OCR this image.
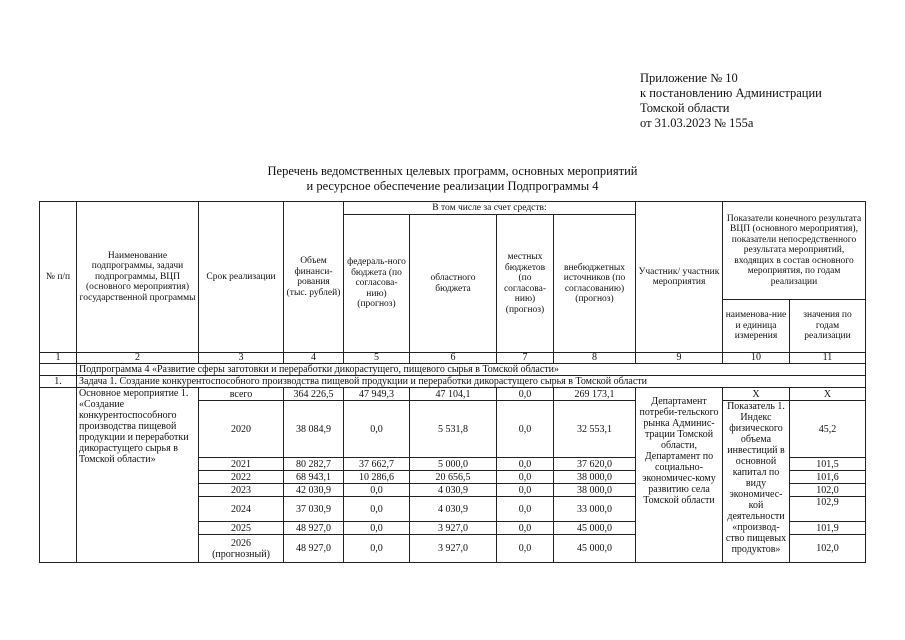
Приложение № 10
к постановлению Администрации
Томской области
от 31.03.2023 № 155а
Перечень ведомственных целевых программ, основных мероприятий
и ресурсное обеспечение реализации Подпрограммы 4
№ п/п	Наименование подпрограммы, задачи подпрограммы, ВЦП (основного мероприятия) государственной программы	Срок реализации	Объем финанси-рования (тыс. рублей)	В том числе за счет средств:				Участник/ участник мероприятия	Показатели конечного результата ВЦП (основного мероприятия), показатели непосредственного результата мероприятий, входящих в состав основного мероприятия, по годам реализации	
				федераль-ного бюджета (по согласова-нию) (прогноз)	областного бюджета	местных бюджетов (по согласова-нию) (прогноз)	внебюджетных источников (по согласованию) (прогноз)			
									наименова-ние и единица измерения	значения по годам реализации
1	2	3	4	5	6	7	8	9	10	11
	Подпрограмма 4 «Развитие сферы заготовки и переработки дикорастущего, пищевого сырья в Томской области»									
1.	Задача 1. Создание конкурентоспособного производства пищевой продукции и переработки дикорастущего сырья в Томской области									
	Основное мероприятие 1. «Создание конкурентоспособного производства пищевой продукции и переработки дикорастущего сырья в Томской области»	всего	364 226,5	47 949,3	47 104,1	0,0	269 173,1	Департамент потреби-тельского рынка Админис-трации Томской области, Департамент по социально-экономичес-кому развитию села Томской области	X	X
		2020	38 084,9	0,0	5 531,8	0,0	32 553,1		Показатель 1. Индекс физического объема инвестиций в основной капитал по виду экономичес-кой деятельности «производ-ство пищевых продуктов»	45,2
		2021	80 282,7	37 662,7	5 000,0	0,0	37 620,0			101,5
		2022	68 943,1	10 286,6	20 656,5	0,0	38 000,0			101,6
		2023	42 030,9	0,0	4 030,9	0,0	38 000,0			102,0
		2024	37 030,9	0,0	4 030,9	0,0	33 000,0			102,9
		2025	48 927,0	0,0	3 927,0	0,0	45 000,0			101,9
		2026 (прогнозный)	48 927,0	0,0	3 927,0	0,0	45 000,0			102,0
